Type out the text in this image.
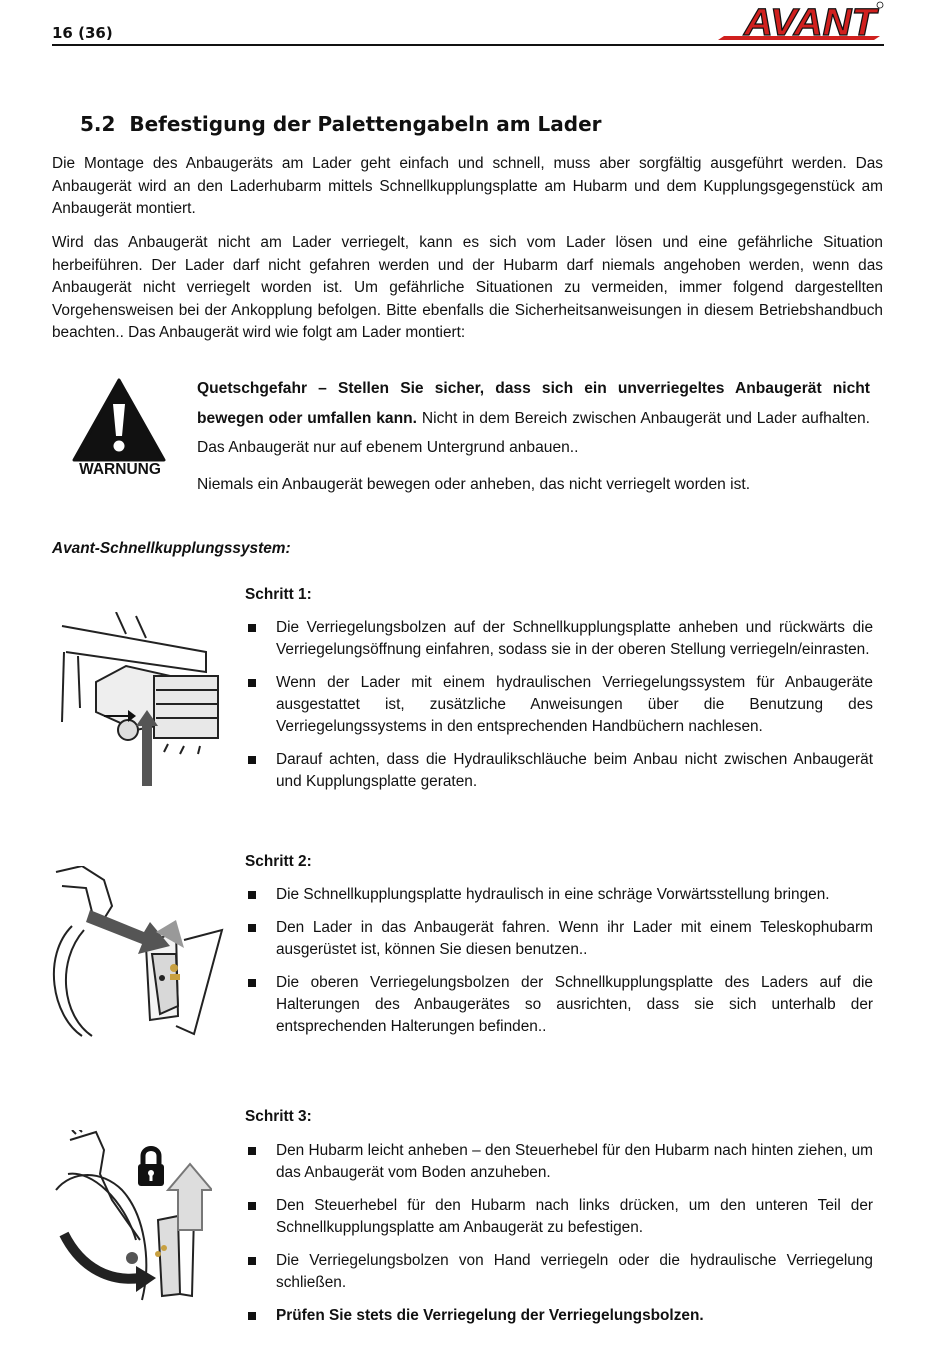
16 (36)	AVANT
5.2  Befestigung der Palettengabeln am Lader

Die Montage des Anbaugeräts am Lader geht einfach und schnell, muss aber sorgfältig ausgeführt werden. Das Anbaugerät wird an den Laderhubarm mittels Schnellkupplungsplatte am Hubarm und dem Kupplungsgegenstück am Anbaugerät montiert.

Wird das Anbaugerät nicht am Lader verriegelt, kann es sich vom Lader lösen und eine gefährliche Situation herbeiführen. Der Lader darf nicht gefahren werden und der Hubarm darf niemals angehoben werden, wenn das Anbaugerät nicht verriegelt worden ist. Um gefährliche Situationen zu vermeiden, immer folgend dargestellten Vorgehensweisen bei der Ankopplung befolgen. Bitte ebenfalls die Sicherheitsanweisungen in diesem Betriebshandbuch beachten.. Das Anbaugerät wird wie folgt am Lader montiert:

WARNUNG

Quetschgefahr – Stellen Sie sicher, dass sich ein unverriegeltes Anbaugerät nicht bewegen oder umfallen kann. Nicht in dem Bereich zwischen Anbaugerät und Lader aufhalten. Das Anbaugerät nur auf ebenem Untergrund anbauen..

Niemals ein Anbaugerät bewegen oder anheben, das nicht verriegelt worden ist.

Avant-Schnellkupplungssystem:
Schritt 1:
Die Verriegelungsbolzen auf der Schnellkupplungsplatte anheben und rückwärts die Verriegelungsöffnung einfahren, sodass sie in der oberen Stellung verriegeln/einrasten.
Wenn der Lader mit einem hydraulischen Verriegelungssystem für Anbaugeräte ausgestattet ist, zusätzliche Anweisungen über die Benutzung des Verriegelungssystems in den entsprechenden Handbüchern nachlesen.
Darauf achten, dass die Hydraulikschläuche beim Anbau nicht zwischen Anbaugerät und Kupplungsplatte geraten.
Schritt 2:
Die Schnellkupplungsplatte hydraulisch in eine schräge Vorwärtsstellung bringen.
Den Lader in das Anbaugerät fahren. Wenn ihr Lader mit einem Teleskophubarm ausgerüstet ist, können Sie diesen benutzen..
Die oberen Verriegelungsbolzen der Schnellkupplungsplatte des Laders auf die Halterungen des Anbaugerätes so ausrichten, dass sie sich unterhalb der entsprechenden Halterungen befinden..
Schritt 3:
Den Hubarm leicht anheben – den Steuerhebel für den Hubarm nach hinten ziehen, um das Anbaugerät vom Boden anzuheben.
Den Steuerhebel für den Hubarm nach links drücken, um den unteren Teil der Schnellkupplungsplatte am Anbaugerät zu befestigen.
Die Verriegelungsbolzen von Hand verriegeln oder die hydraulische Verriegelung schließen.
Prüfen Sie stets die Verriegelung der Verriegelungsbolzen.
